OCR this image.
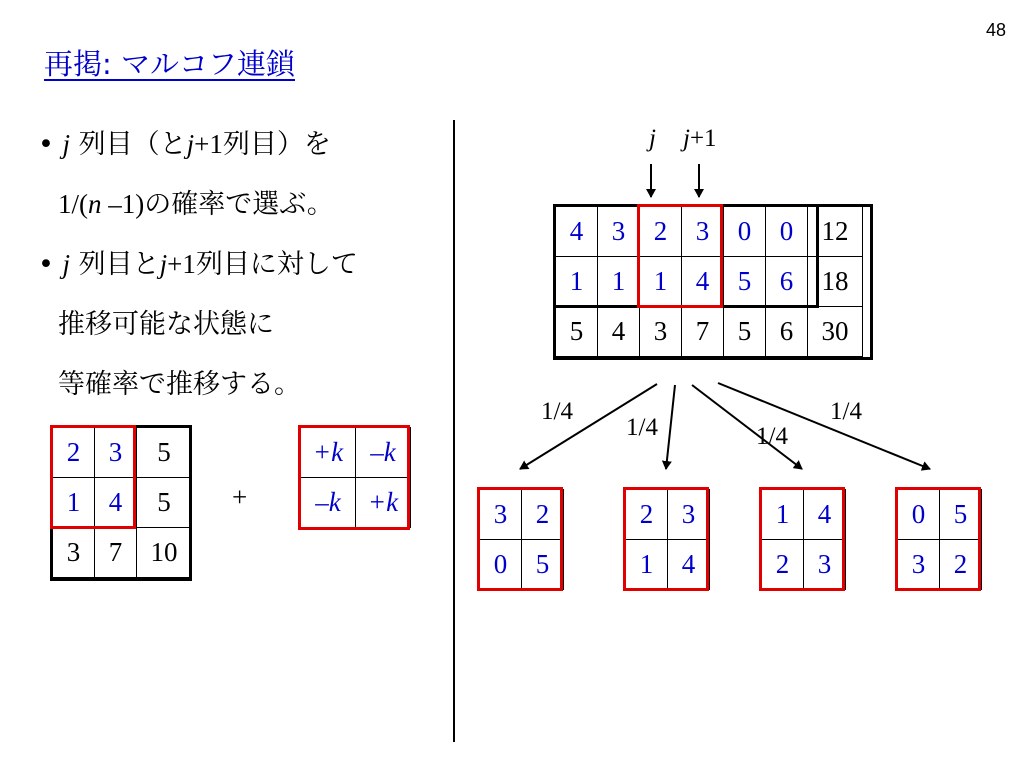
48
再掲: マルコフ連鎖
• j 列目（とj+1列目）を
1/(n –1)の確率で選ぶ。
• j 列目とj+1列目に対して
推移可能な状態に
等確率で推移する。
2	3	5
1	4	5
3	7	10
+
+k	–k
–k	+k
j j+1
4	3	2	3	0	0	12
1	1	1	4	5	6	18
5	4	3	7	5	6	30
1/4
1/4	1/4
1/4
3	2
0	5
2	3
1	4
1	4
2	3
0	5
3	2
